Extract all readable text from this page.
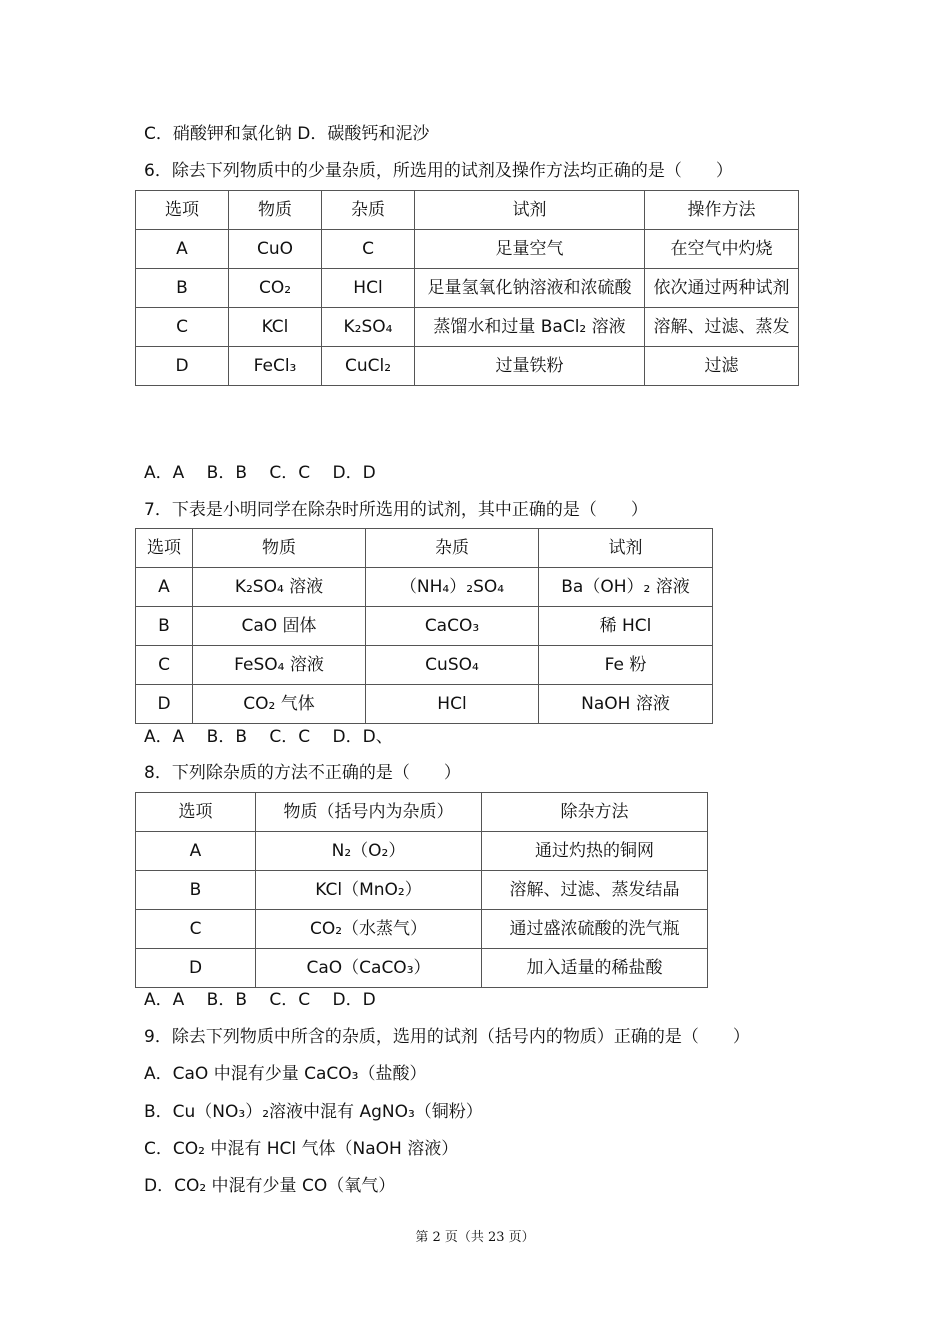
C．硝酸钾和氯化钠 D．碳酸钙和泥沙
6．除去下列物质中的少量杂质，所选用的试剂及操作方法均正确的是（　　）
选项	物质	杂质	试剂	操作方法
A	CuO	C	足量空气	在空气中灼烧
B	CO₂	HCl	足量氢氧化钠溶液和浓硫酸	依次通过两种试剂
C	KCl	K₂SO₄	蒸馏水和过量 BaCl₂ 溶液	溶解、过滤、蒸发
D	FeCl₃	CuCl₂	过量铁粉	过滤
A．A　 B．B　 C．C　 D．D
7．下表是小明同学在除杂时所选用的试剂，其中正确的是（　　）
选项	物质	杂质	试剂
A	K₂SO₄ 溶液	（NH₄）₂SO₄	Ba（OH）₂ 溶液
B	CaO 固体	CaCO₃	稀 HCl
C	FeSO₄ 溶液	CuSO₄	Fe 粉
D	CO₂ 气体	HCl	NaOH 溶液
A．A　 B．B　 C．C　 D．D、
8．下列除杂质的方法不正确的是（　　）
选项	物质（括号内为杂质）	除杂方法
A	N₂（O₂）	通过灼热的铜网
B	KCl（MnO₂）	溶解、过滤、蒸发结晶
C	CO₂（水蒸气）	通过盛浓硫酸的洗气瓶
D	CaO（CaCO₃）	加入适量的稀盐酸
A．A　 B．B　 C．C　 D．D
9．除去下列物质中所含的杂质，选用的试剂（括号内的物质）正确的是（　　）
A．CaO 中混有少量 CaCO₃（盐酸）
B．Cu（NO₃）₂溶液中混有 AgNO₃（铜粉）
C．CO₂ 中混有 HCl 气体（NaOH 溶液）
D．CO₂ 中混有少量 CO（氧气）
第 2 页（共 23 页）
